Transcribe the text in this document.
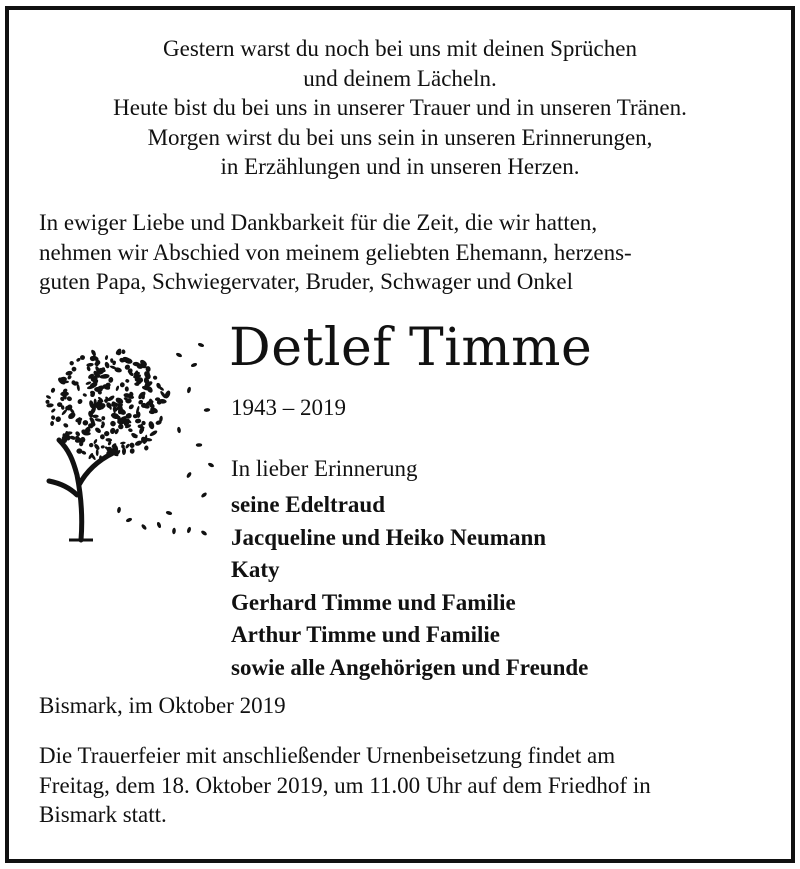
Gestern warst du noch bei uns mit deinen Sprüchen
und deinem Lächeln.
Heute bist du bei uns in unserer Trauer und in unseren Tränen.
Morgen wirst du bei uns sein in unseren Erinnerungen,
in Erzählungen und in unseren Herzen.
In ewiger Liebe und Dankbarkeit für die Zeit, die wir hatten,
nehmen wir Abschied von meinem geliebten Ehemann, herzens-
guten Papa, Schwiegervater, Bruder, Schwager und Onkel
Detlef Timme
1943 – 2019
In lieber Erinnerung
seine Edeltraud
Jacqueline und Heiko Neumann
Katy
Gerhard Timme und Familie
Arthur Timme und Familie
sowie alle Angehörigen und Freunde
Bismark, im Oktober 2019
Die Trauerfeier mit anschließender Urnenbeisetzung findet am
Freitag, dem 18. Oktober 2019, um 11.00 Uhr auf dem Friedhof in
Bismark statt.
